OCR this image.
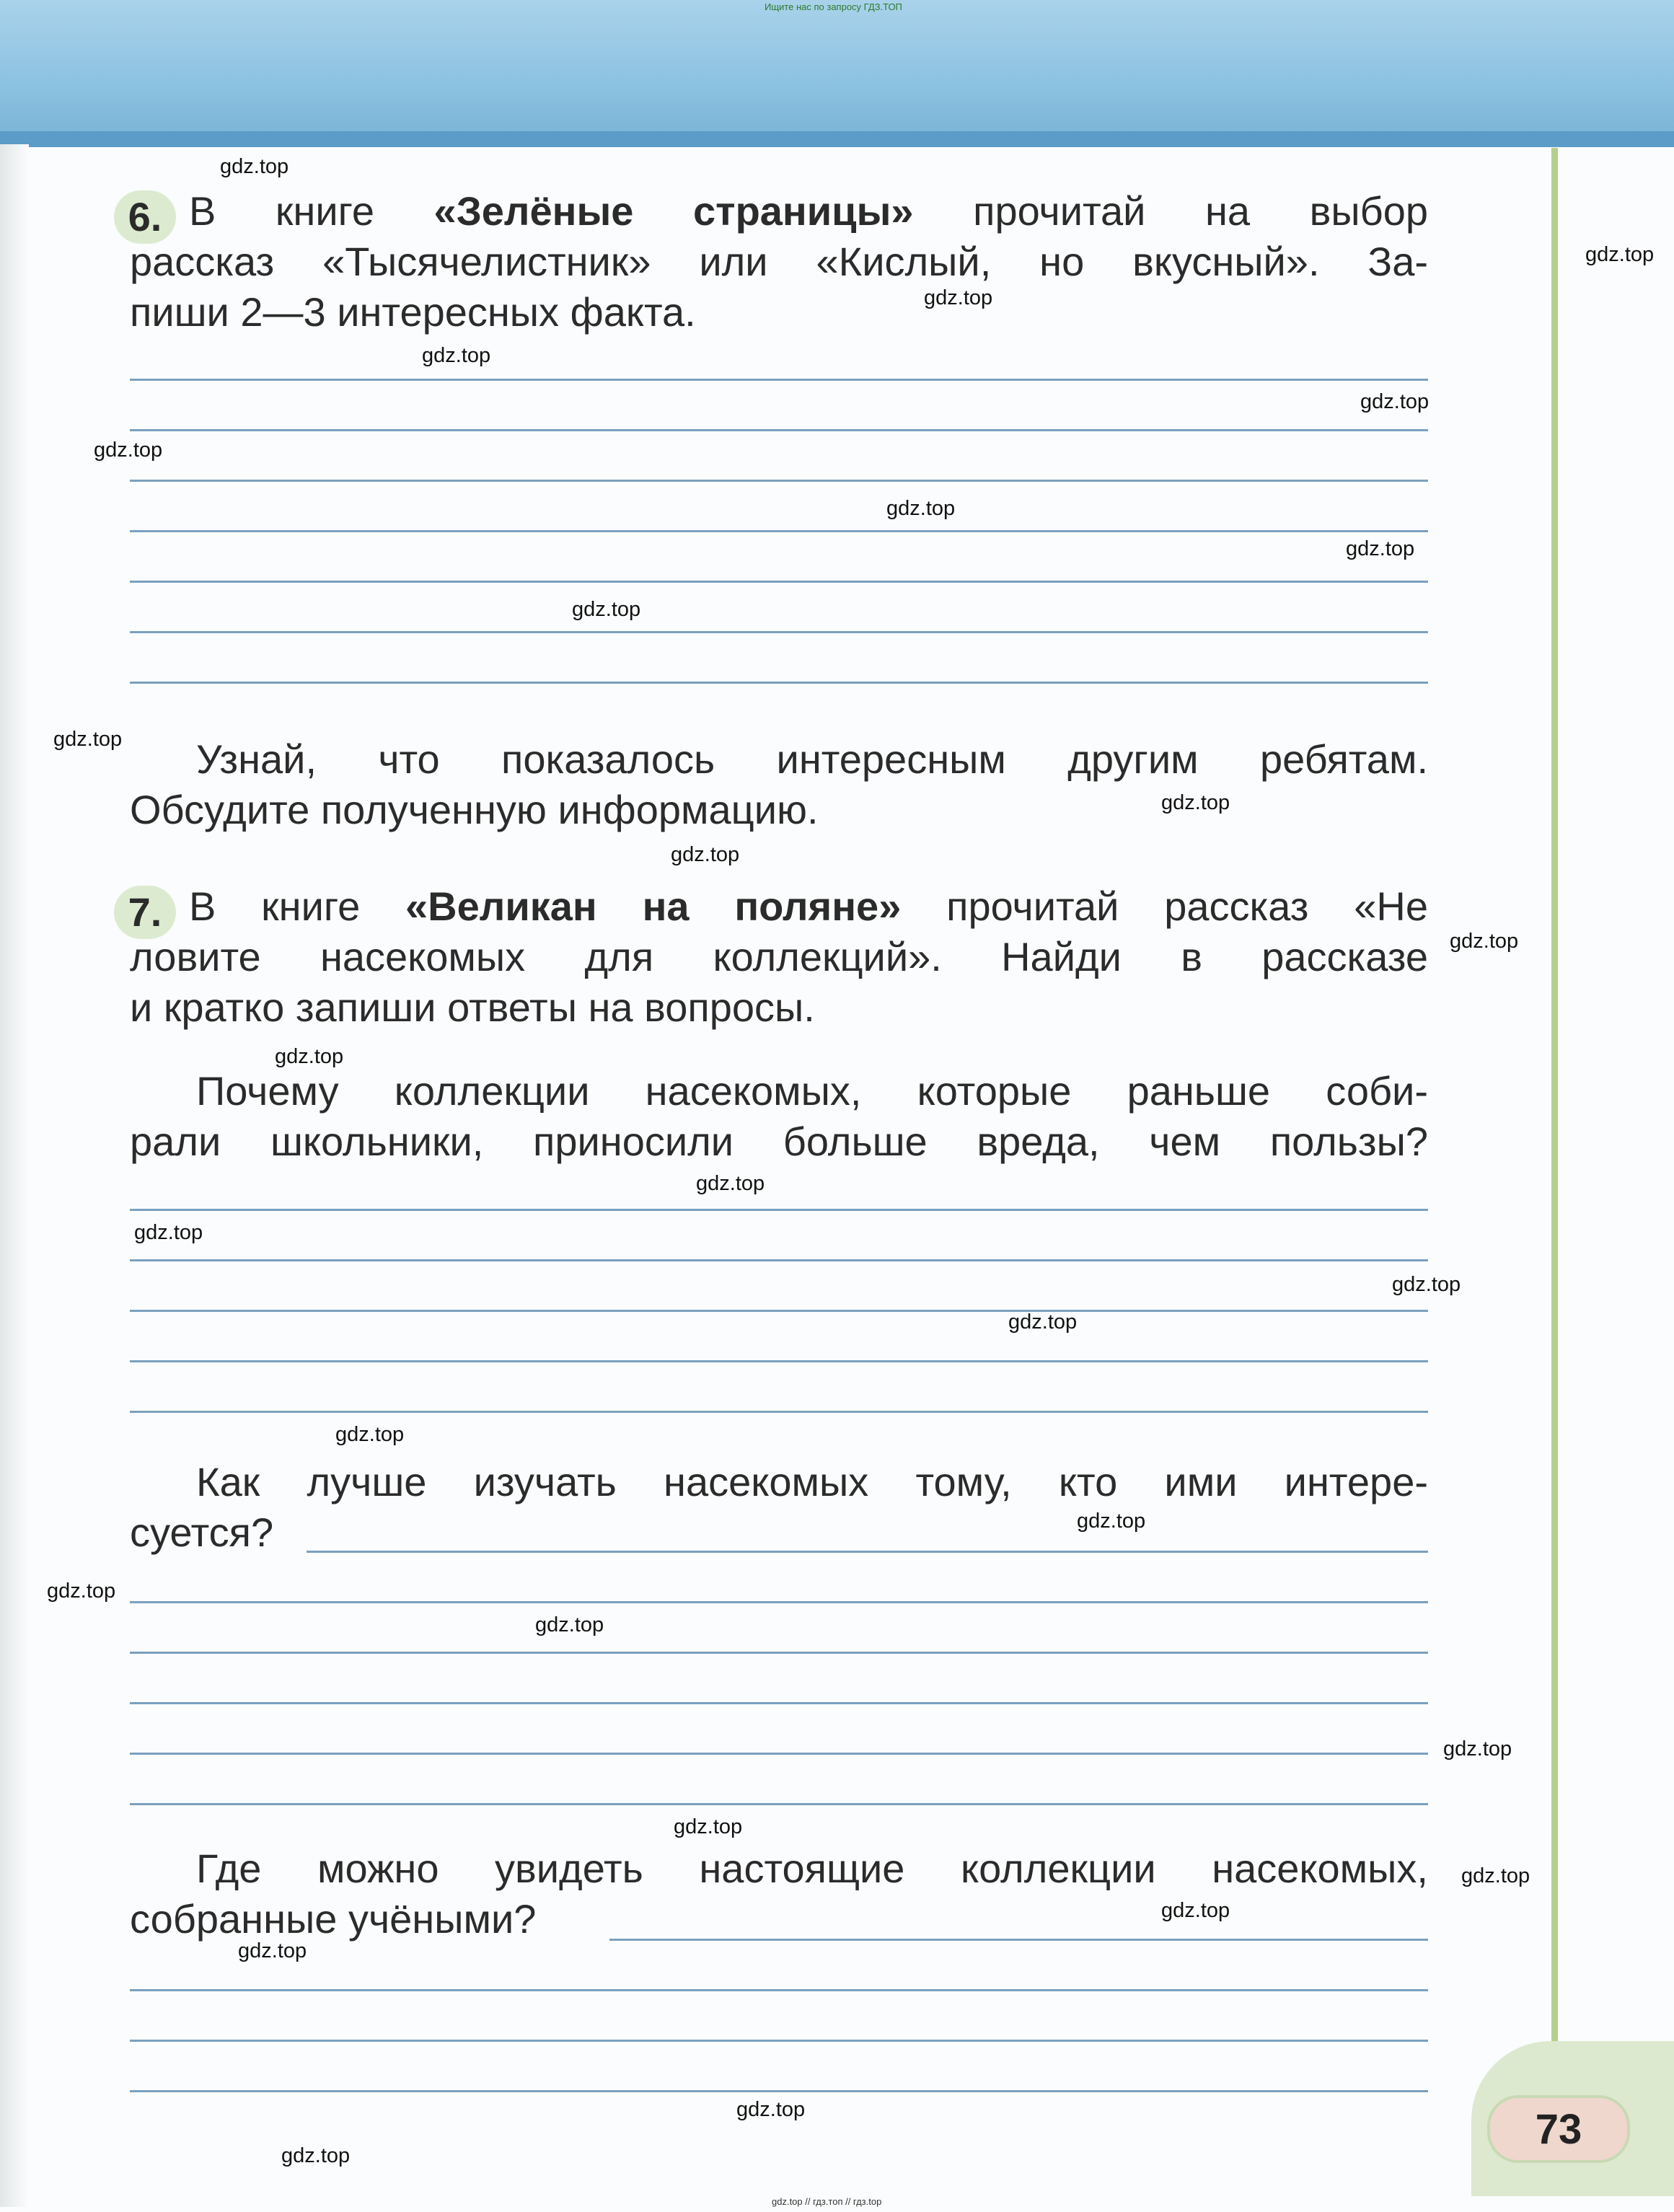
Ищите нас по запросу ГДЗ.ТОП

6. В книге «Зелёные страницы» прочитай на выбор

рассказ «Тысячелистник» или «Кислый, но вкусный». За-

пиши 2—3 интересных факта.

Узнай, что показалось интересным другим ребятам.

Обсудите полученную информацию.

7. В книге «Великан на поляне» прочитай рассказ «Не

ловите насекомых для коллекций». Найди в рассказе

и кратко запиши ответы на вопросы.

Почему коллекции насекомых, которые раньше соби-

рали школьники, приносили больше вреда, чем пользы?

Как лучше изучать насекомых тому, кто ими интере-

суется?

Где можно увидеть настоящие коллекции насекомых,

собранные учёными?

73
gdz.top
gdz.top
gdz.top
gdz.top
gdz.top
gdz.top
gdz.top
gdz.top
gdz.top
gdz.top
gdz.top
gdz.top
gdz.top
gdz.top
gdz.top
gdz.top
gdz.top
gdz.top
gdz.top
gdz.top
gdz.top
gdz.top
gdz.top
gdz.top
gdz.top
gdz.top
gdz.top
gdz.top
gdz.top
gdz.top // гдз.топ // гдз.top
